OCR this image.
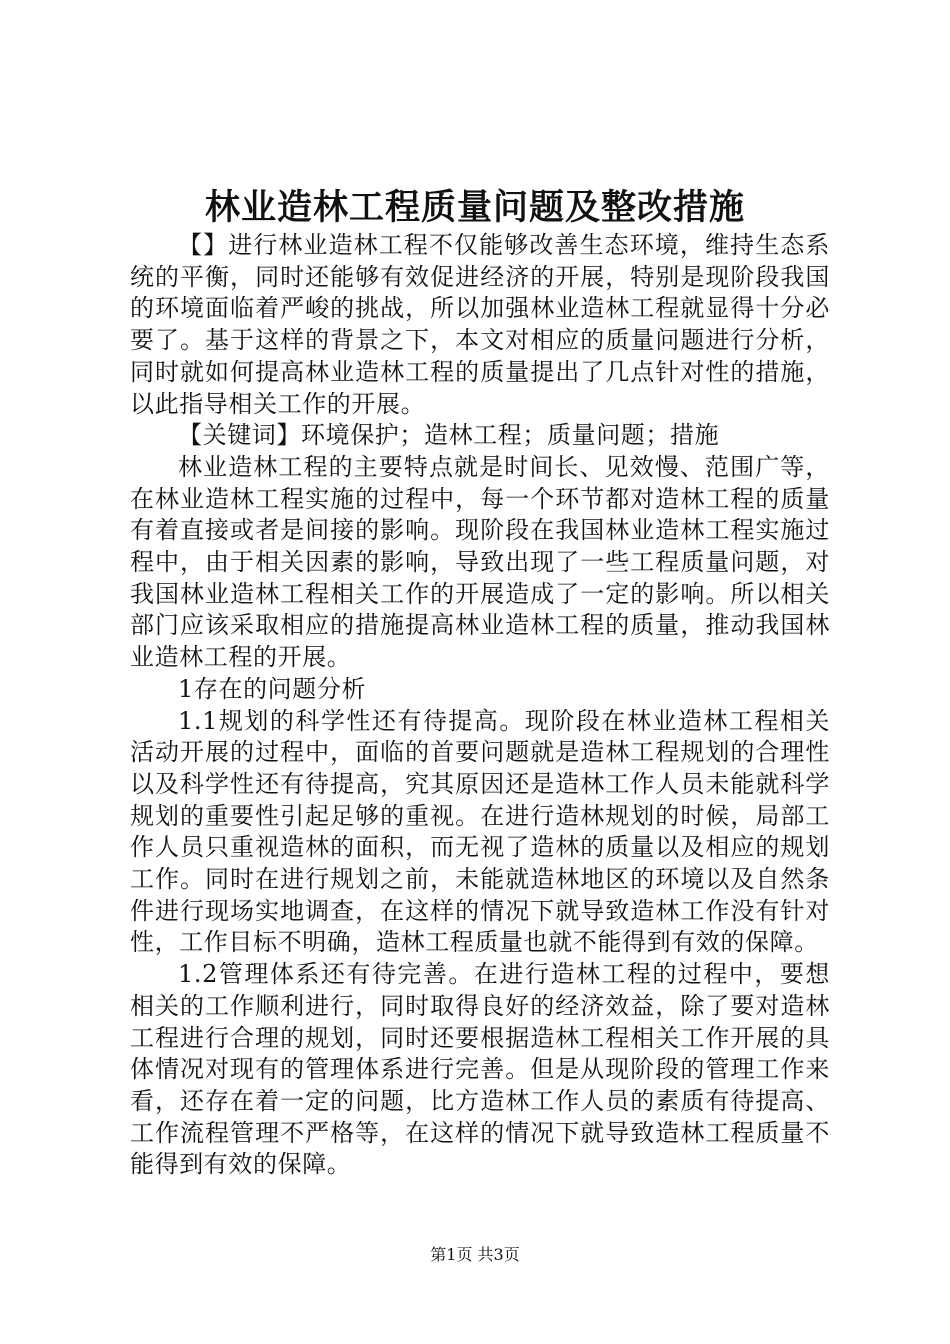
林业造林工程质量问题及整改措施

【】进行林业造林工程不仅能够改善生态环境，维持生态系统的平衡，同时还能够有效促进经济的开展，特别是现阶段我国的环境面临着严峻的挑战，所以加强林业造林工程就显得十分必要了。基于这样的背景之下，本文对相应的质量问题进行分析，同时就如何提高林业造林工程的质量提出了几点针对性的措施，以此指导相关工作的开展。

【关键词】环境保护；造林工程；质量问题；措施

林业造林工程的主要特点就是时间长、见效慢、范围广等，在林业造林工程实施的过程中，每一个环节都对造林工程的质量有着直接或者是间接的影响。现阶段在我国林业造林工程实施过程中，由于相关因素的影响，导致出现了一些工程质量问题，对我国林业造林工程相关工作的开展造成了一定的影响。所以相关部门应该采取相应的措施提高林业造林工程的质量，推动我国林业造林工程的开展。

1存在的问题分析

1.1规划的科学性还有待提高。现阶段在林业造林工程相关活动开展的过程中，面临的首要问题就是造林工程规划的合理性以及科学性还有待提高，究其原因还是造林工作人员未能就科学规划的重要性引起足够的重视。在进行造林规划的时候，局部工作人员只重视造林的面积，而无视了造林的质量以及相应的规划工作。同时在进行规划之前，未能就造林地区的环境以及自然条件进行现场实地调查，在这样的情况下就导致造林工作没有针对性，工作目标不明确，造林工程质量也就不能得到有效的保障。

1.2管理体系还有待完善。在进行造林工程的过程中，要想相关的工作顺利进行，同时取得良好的经济效益，除了要对造林工程进行合理的规划，同时还要根据造林工程相关工作开展的具体情况对现有的管理体系进行完善。但是从现阶段的管理工作来看，还存在着一定的问题，比方造林工作人员的素质有待提高、工作流程管理不严格等，在这样的情况下就导致造林工程质量不能得到有效的保障。

第1页 共3页
